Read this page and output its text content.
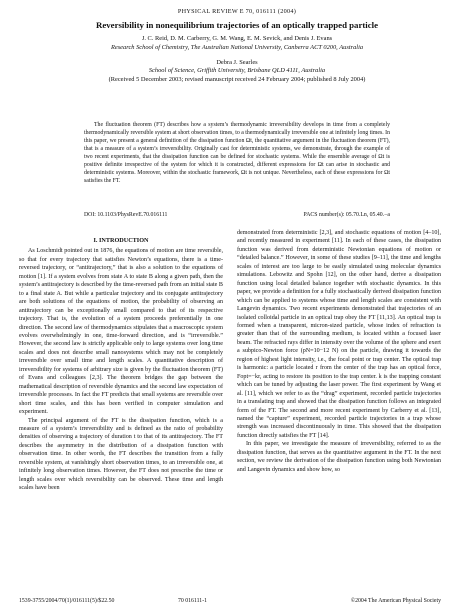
PHYSICAL REVIEW E 70, 016111 (2004)
Reversibility in nonequilibrium trajectories of an optically trapped particle
J. C. Reid, D. M. Carberry, G. M. Wang, E. M. Sevick, and Denis J. Evans
Research School of Chemistry, The Australian National University, Canberra ACT 0200, Australia
Debra J. Searles
School of Science, Griffith University, Brisbane QLD 4111, Australia
(Received 5 December 2003; revised manuscript received 24 February 2004; published 8 July 2004)

The fluctuation theorem (FT) describes how a system’s thermodynamic irreversibility develops in time from a completely thermodynamically reversible system at short observation times, to a thermodynamically irreversible one at infinitely long times. In this paper, we present a general definition of the dissipation function Ωt, the quantitative argument in the fluctuation theorem (FT), that is a measure of a system’s irreversibility. Originally cast for deterministic systems, we demonstrate, through the example of two recent experiments, that the dissipation function can be defined for stochastic systems. While the ensemble average of Ωt is positive definite irrespective of the system for which it is constructed, different expressions for Ωt can arise in stochastic and deterministic systems. Moreover, within the stochastic framework, Ωt is not unique. Nevertheless, each of these expressions for Ωt satisfies the FT.

DOI: 10.1103/PhysRevE.70.016111	PACS number(s): 05.70.Ln, 05.40.−a
I. INTRODUCTION

As Loschmidt pointed out in 1876, the equations of motion are time reversible, so that for every trajectory that satisfies Newton’s equations, there is a time-reversed trajectory, or “antitrajectory,” that is also a solution to the equations of motion [1]. If a system evolves from state A to state B along a given path, then the system’s antitrajectory is described by the time-reversed path from an initial state B to a final state A. But while a particular trajectory and its conjugate antitrajectory are both solutions of the equations of motion, the probability of observing an antitrajectory can be exceptionally small compared to that of its respective trajectory. That is, the evolution of a system proceeds preferentially in one direction. The second law of thermodynamics stipulates that a macroscopic system evolves overwhelmingly in one, time-forward direction, and is “irreversible.” However, the second law is strictly applicable only to large systems over long time scales and does not describe small nanosystems which may not be completely irreversible over small time and length scales. A quantitative description of irreversibility for systems of arbitrary size is given by the fluctuation theorem (FT) of Evans and colleagues [2,3]. The theorem bridges the gap between the mathematical description of reversible dynamics and the second law expectation of irreversible processes. In fact the FT predicts that small systems are reversible over short time scales, and this has been verified in computer simulation and experiment.

The principal argument of the FT is the dissipation function, which is a measure of a system’s irreversibility and is defined as the ratio of probability densities of observing a trajectory of duration t to that of its antitrajectory. The FT describes the asymmetry in the distribution of a dissipation function with observation time. In other words, the FT describes the transition from a fully reversible system, at vanishingly short observation times, to an irreversible one, at infinitely long observation times. However, the FT does not prescribe the time or length scales over which reversibility can be observed. These time and length scales have been

demonstrated from deterministic [2,3], and stochastic equations of motion [4–10], and recently measured in experiment [11]. In each of these cases, the dissipation function was derived from deterministic Newtonian equations of motion or “detailed balance.” However, in some of these studies [9–11], the time and lengths scales of interest are too large to be easily simulated using molecular dynamics simulations. Lebowitz and Spohn [12], on the other hand, derive a dissipation function using local detailed balance together with stochastic dynamics. In this paper, we provide a definition for a fully stochastically derived dissipation function which can be applied to systems whose time and length scales are consistent with Langevin dynamics. Two recent experiments demonstrated that trajectories of an isolated colloidal particle in an optical trap obey the FT [11,13]. An optical trap is formed when a transparent, micron-sized particle, whose index of refraction is greater than that of the surrounding medium, is located within a focused laser beam. The refracted rays differ in intensity over the volume of the sphere and exert a subpico-Newton force (pN=10−12 N) on the particle, drawing it towards the region of highest light intensity, i.e., the focal point or trap center. The optical trap is harmonic: a particle located r from the center of the trap has an optical force, Fopt=−kr, acting to restore its position to the trap center. k is the trapping constant which can be tuned by adjusting the laser power. The first experiment by Wang et al. [11], which we refer to as the “drag” experiment, recorded particle trajectories in a translating trap and showed that the dissipation function follows an integrated form of the FT. The second and more recent experiment by Carberry et al. [13], named the “capture” experiment, recorded particle trajectories in a trap whose strength was increased discontinuously in time. This showed that the dissipation function directly satisfies the FT [14].

In this paper, we investigate the measure of irreversibility, referred to as the dissipation function, that serves as the quantitative argument in the FT. In the next section, we review the derivation of the dissipation function using both Newtonian and Langevin dynamics and show how, so

1539-3755/2004/70(1)/016111(5)/$22.50	70 016111-1	©2004 The American Physical Society
